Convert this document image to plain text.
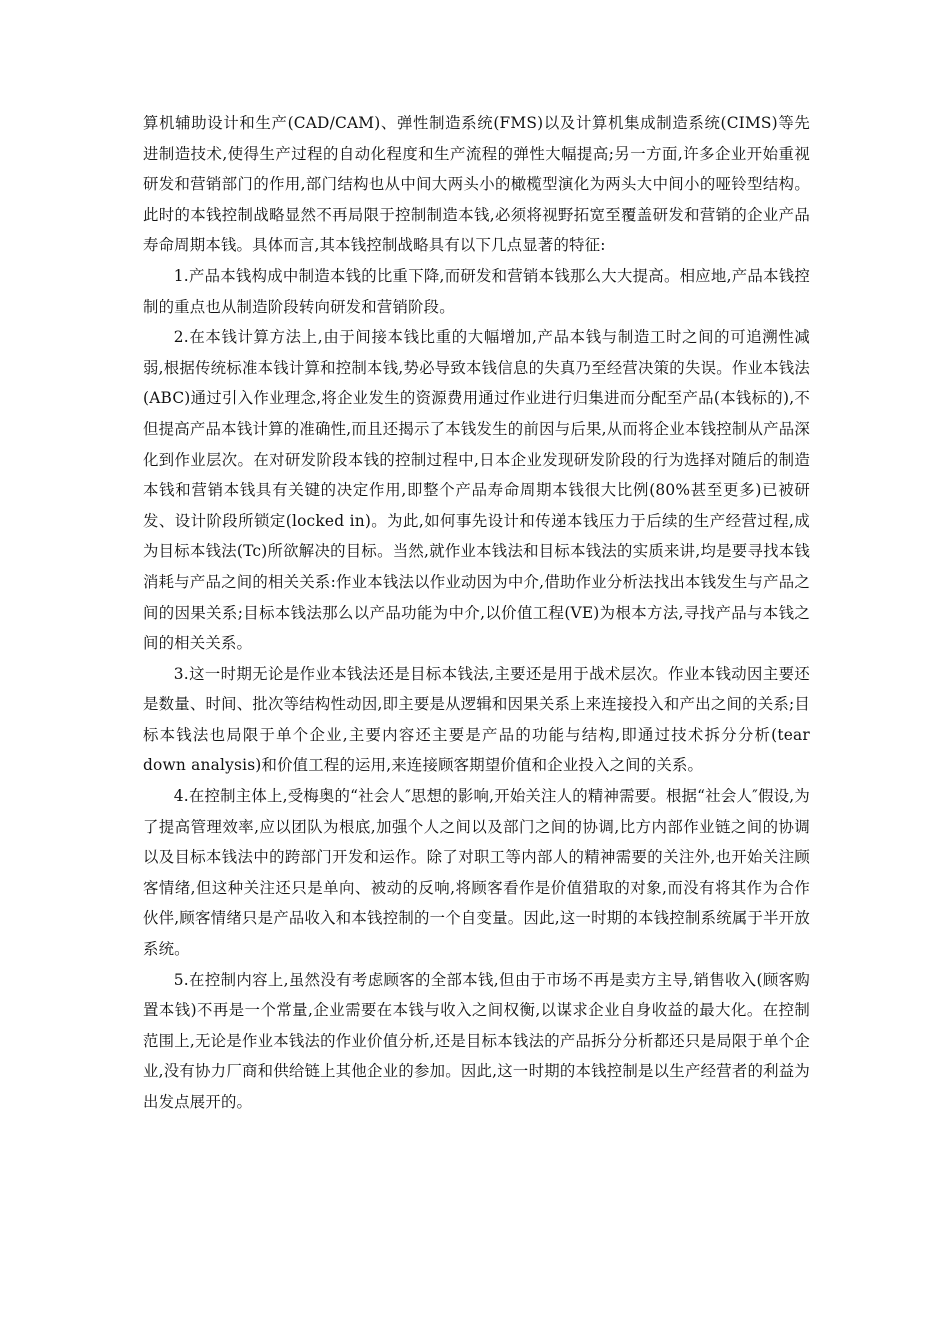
算机辅助设计和生产(CAD/CAM)、弹性制造系统(FMS)以及计算机集成制造系统(CIMS)等先进制造技术,使得生产过程的自动化程度和生产流程的弹性大幅提高;另一方面,许多企业开始重视研发和营销部门的作用,部门结构也从中间大两头小的橄榄型演化为两头大中间小的哑铃型结构。此时的本钱控制战略显然不再局限于控制制造本钱,必须将视野拓宽至覆盖研发和营销的企业产品寿命周期本钱。具体而言,其本钱控制战略具有以下几点显著的特征:

1.产品本钱构成中制造本钱的比重下降,而研发和营销本钱那么大大提高。相应地,产品本钱控制的重点也从制造阶段转向研发和营销阶段。

2.在本钱计算方法上,由于间接本钱比重的大幅增加,产品本钱与制造工时之间的可追溯性减弱,根据传统标准本钱计算和控制本钱,势必导致本钱信息的失真乃至经营决策的失误。作业本钱法(ABC)通过引入作业理念,将企业发生的资源费用通过作业进行归集进而分配至产品(本钱标的),不但提高产品本钱计算的准确性,而且还揭示了本钱发生的前因与后果,从而将企业本钱控制从产品深化到作业层次。在对研发阶段本钱的控制过程中,日本企业发现研发阶段的行为选择对随后的制造本钱和营销本钱具有关键的决定作用,即整个产品寿命周期本钱很大比例(80%甚至更多)已被研发、设计阶段所锁定(locked in)。为此,如何事先设计和传递本钱压力于后续的生产经营过程,成为目标本钱法(Tc)所欲解决的目标。当然,就作业本钱法和目标本钱法的实质来讲,均是要寻找本钱消耗与产品之间的相关关系:作业本钱法以作业动因为中介,借助作业分析法找出本钱发生与产品之间的因果关系;目标本钱法那么以产品功能为中介,以价值工程(VE)为根本方法,寻找产品与本钱之间的相关关系。

3.这一时期无论是作业本钱法还是目标本钱法,主要还是用于战术层次。作业本钱动因主要还是数量、时间、批次等结构性动因,即主要是从逻辑和因果关系上来连接投入和产出之间的关系;目标本钱法也局限于单个企业,主要内容还主要是产品的功能与结构,即通过技术拆分分析(tear down analysis)和价值工程的运用,来连接顾客期望价值和企业投入之间的关系。

4.在控制主体上,受梅奥的“社会人″思想的影响,开始关注人的精神需要。根据“社会人″假设,为了提高管理效率,应以团队为根底,加强个人之间以及部门之间的协调,比方内部作业链之间的协调以及目标本钱法中的跨部门开发和运作。除了对职工等内部人的精神需要的关注外,也开始关注顾客情绪,但这种关注还只是单向、被动的反响,将顾客看作是价值猎取的对象,而没有将其作为合作伙伴,顾客情绪只是产品收入和本钱控制的一个自变量。因此,这一时期的本钱控制系统属于半开放系统。

5.在控制内容上,虽然没有考虑顾客的全部本钱,但由于市场不再是卖方主导,销售收入(顾客购置本钱)不再是一个常量,企业需要在本钱与收入之间权衡,以谋求企业自身收益的最大化。在控制范围上,无论是作业本钱法的作业价值分析,还是目标本钱法的产品拆分分析都还只是局限于单个企业,没有协力厂商和供给链上其他企业的参加。因此,这一时期的本钱控制是以生产经营者的利益为出发点展开的。
